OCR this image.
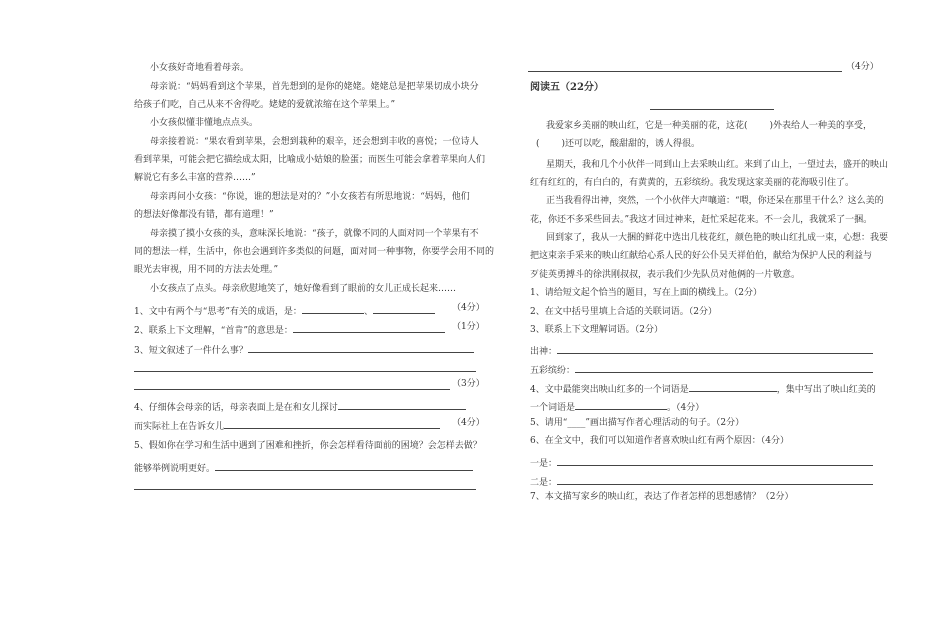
小女孩好奇地看着母亲。
母亲说：“妈妈看到这个苹果，首先想到的是你的姥姥。姥姥总是把苹果切成小块分
给孩子们吃，自己从来不舍得吃。姥姥的爱就浓缩在这个苹果上。”
小女孩似懂非懂地点点头。
母亲接着说：“果农看到苹果，会想到栽种的艰辛，还会想到丰收的喜悦；一位诗人
看到苹果，可能会把它描绘成太阳，比喻成小姑娘的脸蛋；而医生可能会拿着苹果向人们
解说它有多么丰富的营养……”
母亲再问小女孩：“你说，谁的想法是对的？”小女孩若有所思地说：“妈妈，他们
的想法好像都没有错，都有道理！”
母亲摸了摸小女孩的头，意味深长地说：“孩子，就像不同的人面对同一个苹果有不
同的想法一样，生活中，你也会遇到许多类似的问题，面对同一种事物，你要学会用不同的
眼光去审视，用不同的方法去处理。”
小女孩点了点头。母亲欣慰地笑了，她好像看到了眼前的女儿正成长起来……
1、文中有两个与“思考”有关的成语，是：	、	（4分）
2、联系上下文理解，“首肯”的意思是：	（1分）
3、短文叙述了一件什么事？
（3分）
4、仔细体会母亲的话，母亲表面上是在和女儿探讨
而实际社上在告诉女儿	（4分）
5、假如你在学习和生活中遇到了困难和挫折，你会怎样看待面前的困境？会怎样去做？
能够举例说明更好。
（4分）
阅读五（22分）
我爱家乡美丽的映山红，它是一种美丽的花，这花( )外表给人一种美的享受，
( )还可以吃，酸甜甜的，诱人得很。
星期天，我和几个小伙伴一同到山上去采映山红。来到了山上，一望过去，盛开的映山
红有红红的，有白白的，有黄黄的，五彩缤纷。我发现这家美丽的花海吸引住了。
正当我看得出神，突然，一个小伙伴大声嚷道：“喂，你还呆在那里干什么？这么美的
花，你还不多采些回去。”我这才回过神来，赶忙采起花来。不一会儿，我就采了一捆。
回到家了，我从一大捆的鲜花中选出几枝花红，颜色艳的映山红扎成一束，心想：我要
把这束亲手采来的映山红献给心系人民的好公仆吴天祥伯伯，献给为保护人民的利益与
歹徒英勇搏斗的徐洪刚叔叔，表示我们少先队员对他俩的一片敬意。
1、请给短文起个恰当的题目，写在上面的横线上。（2分）
2、在文中括号里填上合适的关联词语。（2分）
3、联系上下文理解词语。（2分）
出神：
五彩缤纷：
4、文中最能突出映山红多的一个词语是	，集中写出了映山红美的
一个词语是	。（4分）
5、请用“____”画出描写作者心理活动的句子。（2分）
6、在全文中，我们可以知道作者喜欢映山红有两个原因：（4分）
一是：
二是：
7、本文描写家乡的映山红，表达了作者怎样的思想感情？（2分）
